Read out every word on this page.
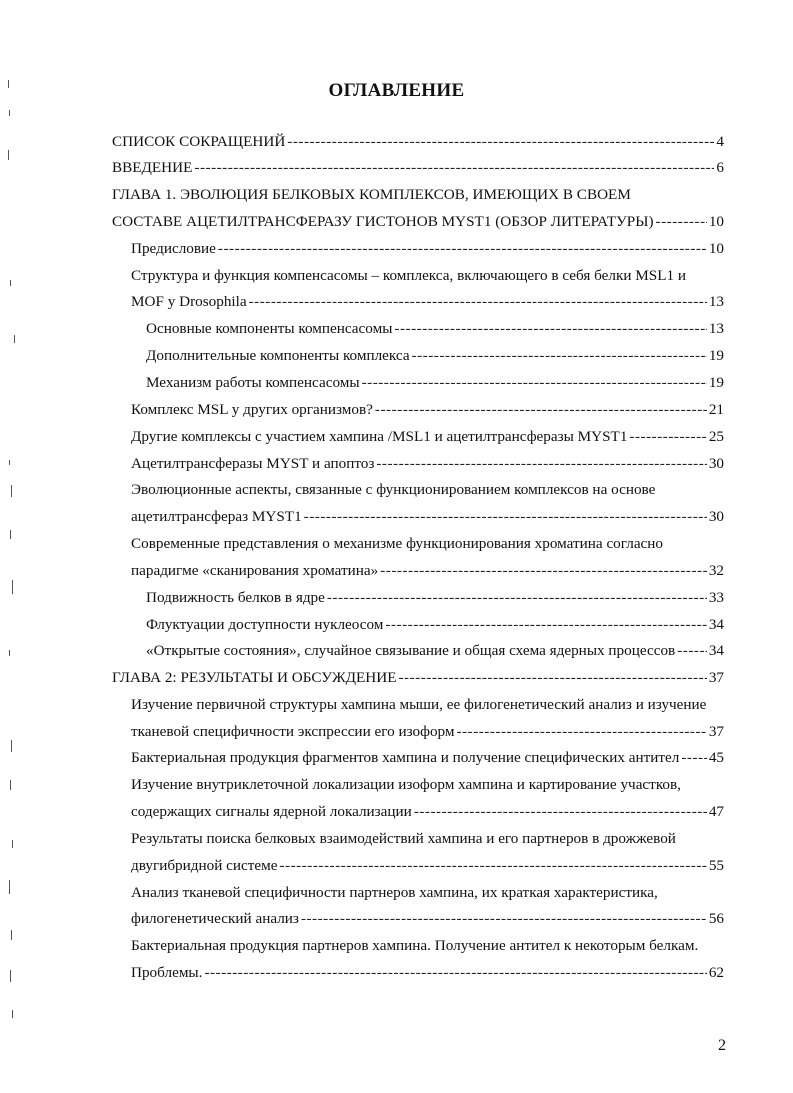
ОГЛАВЛЕНИЕ
СПИСОК СОКРАЩЕНИЙ -----	4
ВВЕДЕНИЕ -----	6
ГЛАВА 1. ЭВОЛЮЦИЯ БЕЛКОВЫХ КОМПЛЕКСОВ, ИМЕЮЩИХ В СВОЕМ
СОСТАВЕ АЦЕТИЛТРАНСФЕРАЗУ ГИСТОНОВ MYST1 (ОБЗОР ЛИТЕРАТУРЫ) -----	10
Предисловие -----	10
Структура и функция компенсасомы – комплекса, включающего в себя белки MSL1 и
MOF у Drosophila -----	13
Основные компоненты компенсасомы -----	13
Дополнительные компоненты комплекса -----	19
Механизм работы компенсасомы -----	19
Комплекс MSL у других организмов? -----	21
Другие комплексы с участием хампина /MSL1 и ацетилтрансферазы MYST1 -----	25
Ацетилтрансферазы MYST и апоптоз -----	30
Эволюционные аспекты, связанные с функционированием комплексов на основе
ацетилтрансфераз MYST1 -----	30
Современные представления о механизме функционирования хроматина согласно
парадигме «сканирования хроматина» -----	32
Подвижность белков в ядре -----	33
Флуктуации доступности нуклеосом -----	34
«Открытые состояния», случайное связывание и общая схема ядерных процессов ----- 34
ГЛАВА 2: РЕЗУЛЬТАТЫ И ОБСУЖДЕНИЕ -----	37
Изучение первичной структуры хампина мыши, ее филогенетический анализ и изучение
тканевой специфичности экспрессии его изоформ -----	37
Бактериальная продукция фрагментов хампина и получение специфических антител ----- 45
Изучение внутриклеточной локализации изоформ хампина и картирование участков,
содержащих сигналы ядерной локализации -----	47
Результаты поиска белковых взаимодействий хампина и его партнеров в дрожжевой
двугибридной системе -----	55
Анализ тканевой специфичности партнеров хампина, их краткая характеристика,
филогенетический анализ -----	56
Бактериальная продукция партнеров хампина. Получение антител к некоторым белкам.
Проблемы. -----	62
2
